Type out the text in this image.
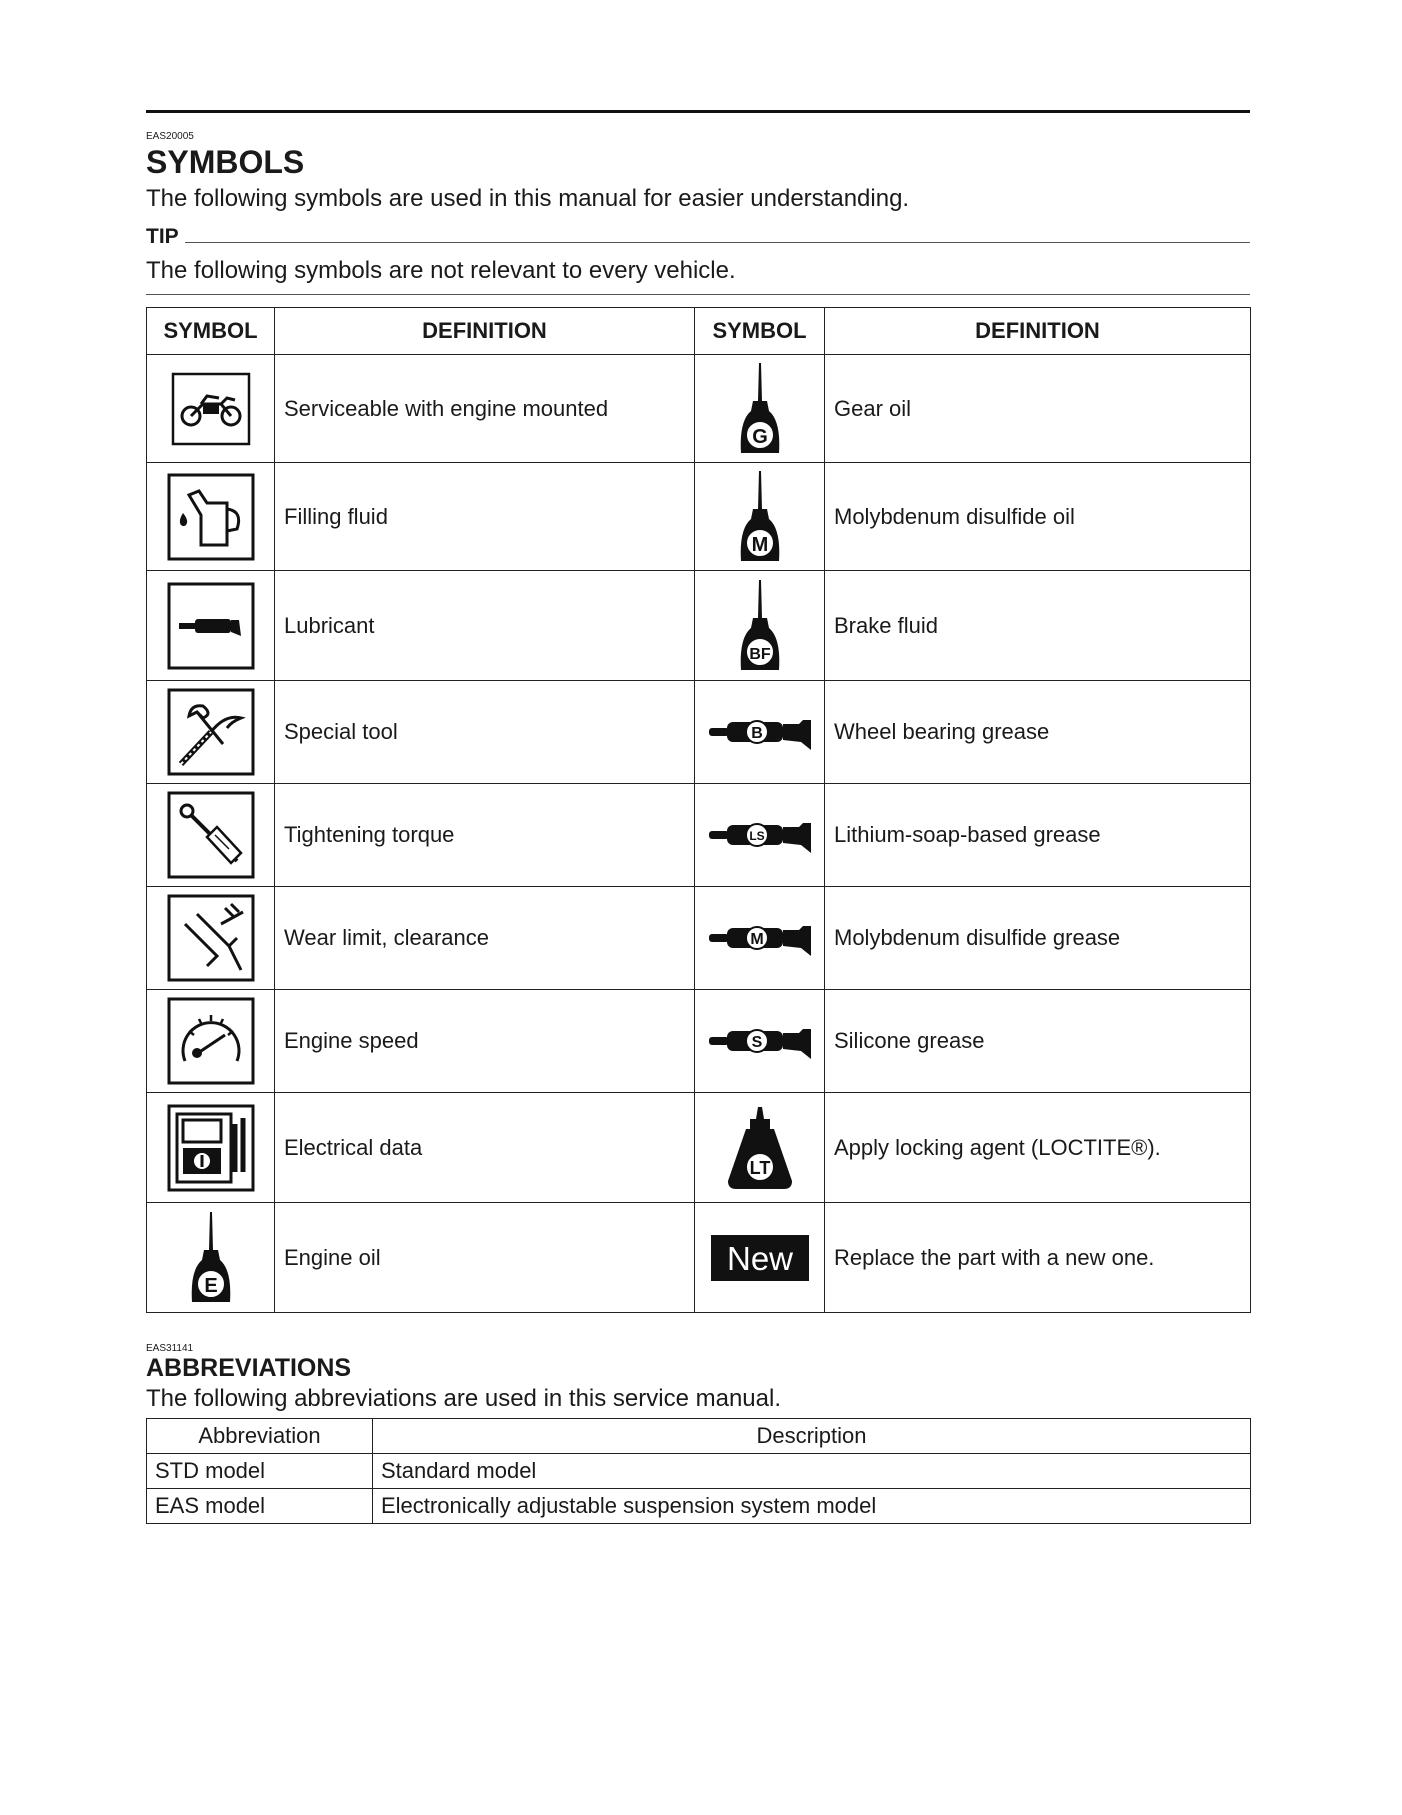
EAS20005
SYMBOLS
The following symbols are used in this manual for easier understanding.
TIP
The following symbols are not relevant to every vehicle.
SYMBOL	DEFINITION	SYMBOL	DEFINITION

	Serviceable with engine mounted	G	Gear oil

	Filling fluid	M	Molybdenum disulfide oil

	Lubricant	BF	Brake fluid

	Special tool	B	Wheel bearing grease

	Tightening torque	LS	Lithium-soap-based grease

	Wear limit, clearance	M	Molybdenum disulfide grease

	Engine speed	S	Silicone grease

	Electrical data	LT	Apply locking agent (LOCTITE®).

E	Engine oil	New	Replace the part with a new one.
EAS31141
ABBREVIATIONS
The following abbreviations are used in this service manual.
Abbreviation	Description
STD model	Standard model
EAS model	Electronically adjustable suspension system model
